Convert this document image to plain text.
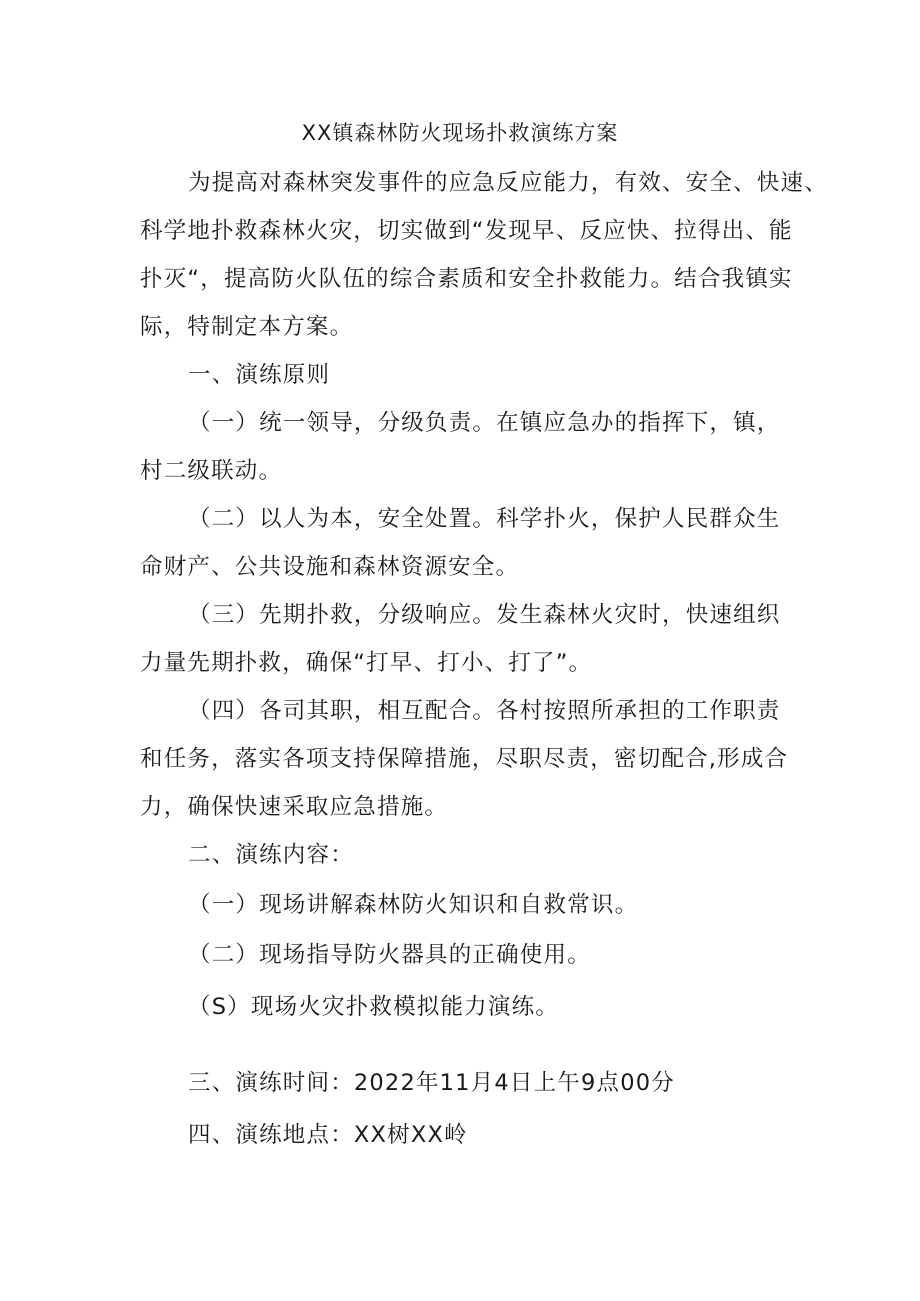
XX镇森林防火现场扑救演练方案
为提高对森林突发事件的应急反应能力，有效、安全、快速、
科学地扑救森林火灾，切实做到“发现早、反应快、拉得出、能
扑灭“，提高防火队伍的综合素质和安全扑救能力。结合我镇实
际，特制定本方案。
一、演练原则
（一）统一领导，分级负责。在镇应急办的指挥下，镇，
村二级联动。
（二）以人为本，安全处置。科学扑火，保护人民群众生
命财产、公共设施和森林资源安全。
（三）先期扑救，分级响应。发生森林火灾时，快速组织
力量先期扑救，确保“打早、打小、打了”。
（四）各司其职，相互配合。各村按照所承担的工作职责
和任务，落实各项支持保障措施，尽职尽责，密切配合,形成合
力，确保快速采取应急措施。
二、演练内容：
（一）现场讲解森林防火知识和自救常识。
（二）现场指导防火器具的正确使用。
（S）现场火灾扑救模拟能力演练。
三、演练时间：2022年11月4日上午9点00分
四、演练地点：XX树XX岭
